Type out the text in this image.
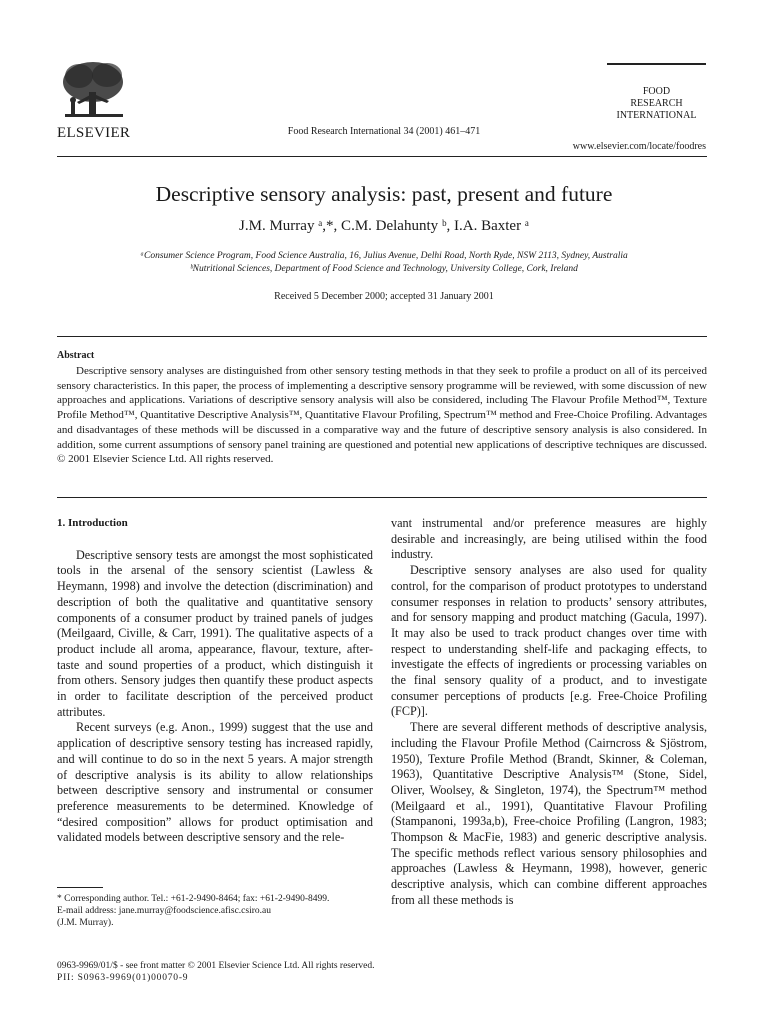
ELSEVIER	Food Research International 34 (2001) 461–471
FOOD
RESEARCH
INTERNATIONAL
www.elsevier.com/locate/foodres
Descriptive sensory analysis: past, present and future
J.M. Murray ᵃ,*, C.M. Delahunty ᵇ, I.A. Baxter ᵃ
ᵃConsumer Science Program, Food Science Australia, 16, Julius Avenue, Delhi Road, North Ryde, NSW 2113, Sydney, Australia
ᵇNutritional Sciences, Department of Food Science and Technology, University College, Cork, Ireland
Received 5 December 2000; accepted 31 January 2001
Abstract
Descriptive sensory analyses are distinguished from other sensory testing methods in that they seek to profile a product on all of its perceived sensory characteristics. In this paper, the process of implementing a descriptive sensory programme will be reviewed, with some discussion of new approaches and applications. Variations of descriptive sensory analysis will also be considered, including The Flavour Profile Method™, Texture Profile Method™, Quantitative Descriptive Analysis™, Quantitative Flavour Profiling, Spectrum™ method and Free-Choice Profiling. Advantages and disadvantages of these methods will be discussed in a comparative way and the future of descriptive sensory analysis is also considered. In addition, some current assumptions of sensory panel training are questioned and potential new applications of descriptive techniques are discussed. © 2001 Elsevier Science Ltd. All rights reserved.
1. Introduction

Descriptive sensory tests are amongst the most sophisticated tools in the arsenal of the sensory scientist (Lawless & Heymann, 1998) and involve the detection (discrimination) and description of both the qualitative and quantitative sensory components of a consumer product by trained panels of judges (Meilgaard, Civille, & Carr, 1991). The qualitative aspects of a product include all aroma, appearance, flavour, texture, after-taste and sound properties of a product, which distinguish it from others. Sensory judges then quantify these product aspects in order to facilitate description of the perceived product attributes.

Recent surveys (e.g. Anon., 1999) suggest that the use and application of descriptive sensory testing has increased rapidly, and will continue to do so in the next 5 years. A major strength of descriptive analysis is its ability to allow relationships between descriptive sensory and instrumental or consumer preference measurements to be determined. Knowledge of “desired composition” allows for product optimisation and validated models between descriptive sensory and the rele-

vant instrumental and/or preference measures are highly desirable and increasingly, are being utilised within the food industry.

Descriptive sensory analyses are also used for quality control, for the comparison of product prototypes to understand consumer responses in relation to products’ sensory attributes, and for sensory mapping and product matching (Gacula, 1997). It may also be used to track product changes over time with respect to understanding shelf-life and packaging effects, to investigate the effects of ingredients or processing variables on the final sensory quality of a product, and to investigate consumer perceptions of products [e.g. Free-Choice Profiling (FCP)].

There are several different methods of descriptive analysis, including the Flavour Profile Method (Cairncross & Sjöstrom, 1950), Texture Profile Method (Brandt, Skinner, & Coleman, 1963), Quantitative Descriptive Analysis™ (Stone, Sidel, Oliver, Woolsey, & Singleton, 1974), the Spectrum™ method (Meilgaard et al., 1991), Quantitative Flavour Profiling (Stampanoni, 1993a,b), Free-choice Profiling (Langron, 1983; Thompson & MacFie, 1983) and generic descriptive analysis. The specific methods reflect various sensory philosophies and approaches (Lawless & Heymann, 1998), however, generic descriptive analysis, which can combine different approaches from all these methods is

* Corresponding author. Tel.: +61-2-9490-8464; fax: +61-2-9490-8499.
E-mail address: jane.murray@foodscience.afisc.csiro.au
(J.M. Murray).
0963-9969/01/$ - see front matter © 2001 Elsevier Science Ltd. All rights reserved.
PII: S0963-9969(01)00070-9
